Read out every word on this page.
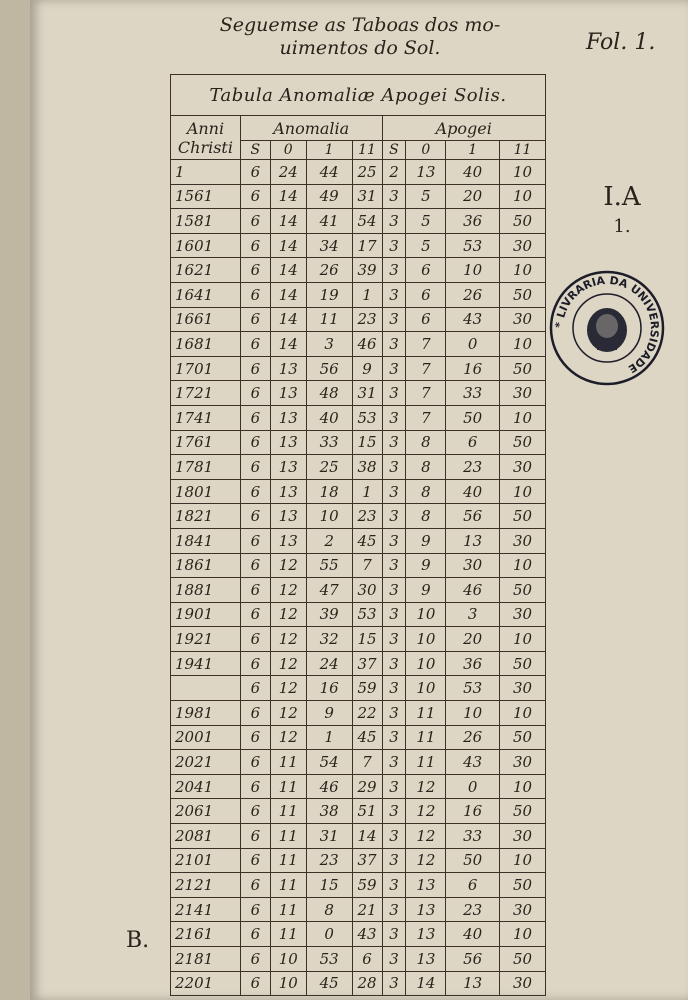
Seguemse as Taboas dos mo-
uimentos do Sol.	Fol. 1.
I.A
1.
* LIVRARIA DA UNIVERSIDADE
B.
Tabula Anomaliæ Apogei Solis.								
Anni Christi	Anomalia				Apogei			
	S	0	1	11	S	0	1	11
1	6	24	44	25	2	13	40	10
1561	6	14	49	31	3	5	20	10
1581	6	14	41	54	3	5	36	50
1601	6	14	34	17	3	5	53	30
1621	6	14	26	39	3	6	10	10
1641	6	14	19	1	3	6	26	50
1661	6	14	11	23	3	6	43	30
1681	6	14	3	46	3	7	0	10
1701	6	13	56	9	3	7	16	50
1721	6	13	48	31	3	7	33	30
1741	6	13	40	53	3	7	50	10
1761	6	13	33	15	3	8	6	50
1781	6	13	25	38	3	8	23	30
1801	6	13	18	1	3	8	40	10
1821	6	13	10	23	3	8	56	50
1841	6	13	2	45	3	9	13	30
1861	6	12	55	7	3	9	30	10
1881	6	12	47	30	3	9	46	50
1901	6	12	39	53	3	10	3	30
1921	6	12	32	15	3	10	20	10
1941	6	12	24	37	3	10	36	50
	6	12	16	59	3	10	53	30
1981	6	12	9	22	3	11	10	10
2001	6	12	1	45	3	11	26	50
2021	6	11	54	7	3	11	43	30
2041	6	11	46	29	3	12	0	10
2061	6	11	38	51	3	12	16	50
2081	6	11	31	14	3	12	33	30
2101	6	11	23	37	3	12	50	10
2121	6	11	15	59	3	13	6	50
2141	6	11	8	21	3	13	23	30
2161	6	11	0	43	3	13	40	10
2181	6	10	53	6	3	13	56	50
2201	6	10	45	28	3	14	13	30
